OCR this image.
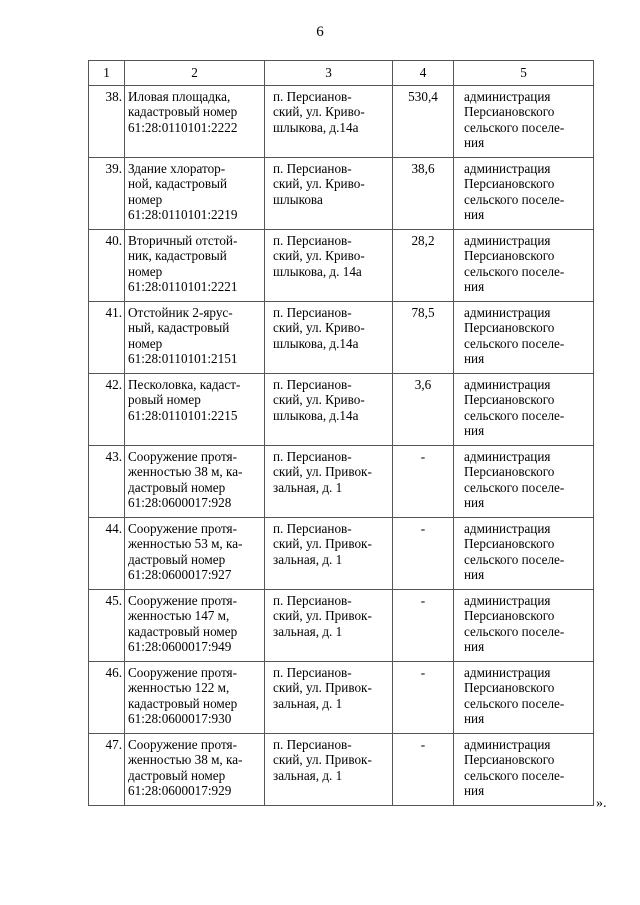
6
1	2	3	4	5

38.	Иловая площадка,
кадастровый номер
61:28:0110101:2222	п. Персианов-
ский, ул. Криво-
шлыкова, д.14а	530,4	администрация
Персиановского
сельского поселе-
ния

39.	Здание хлоратор-
ной, кадастровый
номер
61:28:0110101:2219	п. Персианов-
ский, ул. Криво-
шлыкова	38,6	администрация
Персиановского
сельского поселе-
ния

40.	Вторичный отстой-
ник, кадастровый
номер
61:28:0110101:2221	п. Персианов-
ский, ул. Криво-
шлыкова, д. 14а	28,2	администрация
Персиановского
сельского поселе-
ния

41.	Отстойник 2-ярус-
ный, кадастровый
номер
61:28:0110101:2151	п. Персианов-
ский, ул. Криво-
шлыкова, д.14а	78,5	администрация
Персиановского
сельского поселе-
ния

42.	Песколовка, кадаст-
ровый номер
61:28:0110101:2215	п. Персианов-
ский, ул. Криво-
шлыкова, д.14а	3,6	администрация
Персиановского
сельского поселе-
ния

43.	Сооружение протя-
женностью 38 м, ка-
дастровый номер
61:28:0600017:928	п. Персианов-
ский, ул. Привок-
зальная, д. 1	-	администрация
Персиановского
сельского поселе-
ния

44.	Сооружение протя-
женностью 53 м, ка-
дастровый номер
61:28:0600017:927	п. Персианов-
ский, ул. Привок-
зальная, д. 1	-	администрация
Персиановского
сельского поселе-
ния

45.	Сооружение протя-
женностью 147 м,
кадастровый номер
61:28:0600017:949	п. Персианов-
ский, ул. Привок-
зальная, д. 1	-	администрация
Персиановского
сельского поселе-
ния

46.	Сооружение протя-
женностью 122 м,
кадастровый номер
61:28:0600017:930	п. Персианов-
ский, ул. Привок-
зальная, д. 1	-	администрация
Персиановского
сельского поселе-
ния

47.	Сооружение протя-
женностью 38 м, ка-
дастровый номер
61:28:0600017:929	п. Персианов-
ский, ул. Привок-
зальная, д. 1	-	администрация
Персиановского
сельского поселе-
ния
».
